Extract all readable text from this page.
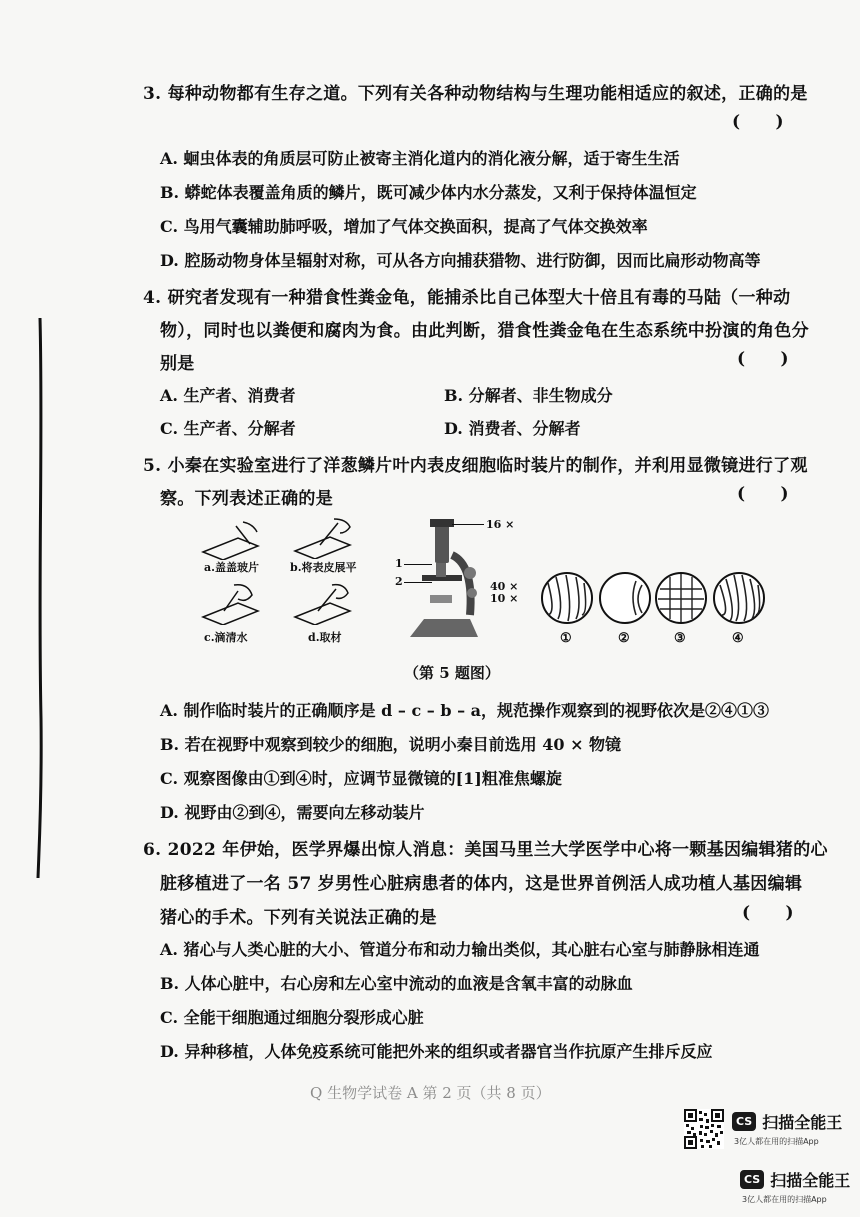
3. 每种动物都有生存之道。下列有关各种动物结构与生理功能相适应的叙述，正确的是
(      )
A. 蛔虫体表的角质层可防止被寄主消化道内的消化液分解，适于寄生生活
B. 蟒蛇体表覆盖角质的鳞片，既可减少体内水分蒸发，又利于保持体温恒定
C. 鸟用气囊辅助肺呼吸，增加了气体交换面积，提高了气体交换效率
D. 腔肠动物身体呈辐射对称，可从各方向捕获猎物、进行防御，因而比扁形动物高等
4. 研究者发现有一种猎食性粪金龟，能捕杀比自己体型大十倍且有毒的马陆（一种动
物），同时也以粪便和腐肉为食。由此判断，猎食性粪金龟在生态系统中扮演的角色分
别是	(      )
A. 生产者、消费者	B. 分解者、非生物成分
C. 生产者、分解者	D. 消费者、分解者
5. 小秦在实验室进行了洋葱鳞片叶内表皮细胞临时装片的制作，并利用显微镜进行了观
察。下列表述正确的是	(      )
a.盖盖玻片	b.将表皮展平
c.滴清水	d.取材
16 ×
1
2	40 ×
10 ×
①	②	③	④
（第 5 题图）
A. 制作临时装片的正确顺序是 d – c – b – a，规范操作观察到的视野依次是②④①③
B. 若在视野中观察到较少的细胞，说明小秦目前选用 40 × 物镜
C. 观察图像由①到④时，应调节显微镜的[1]粗准焦螺旋
D. 视野由②到④，需要向左移动装片
6. 2022 年伊始，医学界爆出惊人消息：美国马里兰大学医学中心将一颗基因编辑猪的心
脏移植进了一名 57 岁男性心脏病患者的体内，这是世界首例活人成功植人基因编辑
猪心的手术。下列有关说法正确的是	(      )
A. 猪心与人类心脏的大小、管道分布和动力输出类似，其心脏右心室与肺静脉相连通
B. 人体心脏中，右心房和左心室中流动的血液是含氧丰富的动脉血
C. 全能干细胞通过细胞分裂形成心脏
D. 异种移植，人体免疫系统可能把外来的组织或者器官当作抗原产生排斥反应
Q 生物学试卷 A 第 2 页（共 8 页）
CS 扫描全能王
3亿人都在用的扫描App
CS 扫描全能王
3亿人都在用的扫描App
